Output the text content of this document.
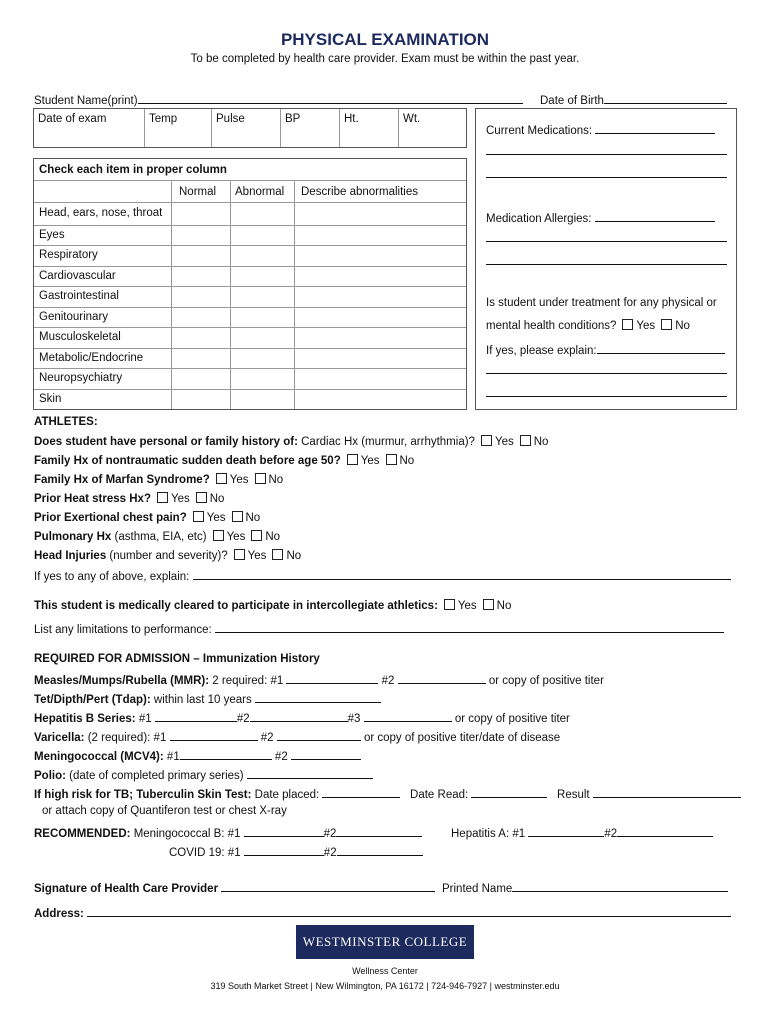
PHYSICAL EXAMINATION
To be completed by health care provider. Exam must be within the past year.
Student Name(print)	Date of Birth
Date of exam	Temp	Pulse	BP	Ht.	Wt.
Check each item in proper column
Normal Abnormal Describe abnormalities
Head, ears, nose, throat
Eyes
Respiratory
Cardiovascular
Gastrointestinal
Genitourinary
Musculoskeletal
Metabolic/Endocrine
Neuropsychiatry
Skin
Current Medications:
Medication Allergies:
Is student under treatment for any physical or
mental health conditions? Yes No
If yes, please explain:
ATHLETES:
Does student have personal or family history of: Cardiac Hx (murmur, arrhythmia)? Yes No
Family Hx of nontraumatic sudden death before age 50? Yes No
Family Hx of Marfan Syndrome? Yes No
Prior Heat stress Hx? Yes No
Prior Exertional chest pain? Yes No
Pulmonary Hx (asthma, EIA, etc) Yes No
Head Injuries (number and severity)? Yes No
If yes to any of above, explain:
This student is medically cleared to participate in intercollegiate athletics: Yes No
List any limitations to performance:
REQUIRED FOR ADMISSION – Immunization History
Measles/Mumps/Rubella (MMR): 2 required: #1	#2	or copy of positive titer
Tet/Dipth/Pert (Tdap): within last 10 years
Hepatitis B Series: #1	#2	#3	or copy of positive titer
Varicella: (2 required): #1	#2	or copy of positive titer/date of disease
Meningococcal (MCV4): #1	#2
Polio: (date of completed primary series)
If high risk for TB; Tuberculin Skin Test: Date placed:	Date Read:	Result
or attach copy of Quantiferon test or chest X-ray
RECOMMENDED: Meningococcal B: #1	#2	Hepatitis A: #1	#2
COVID 19: #1	#2
Signature of Health Care Provider	Printed Name
Address:
WESTMINSTER COLLEGE
Wellness Center
319 South Market Street | New Wilmington, PA 16172 | 724-946-7927 | westminster.edu
